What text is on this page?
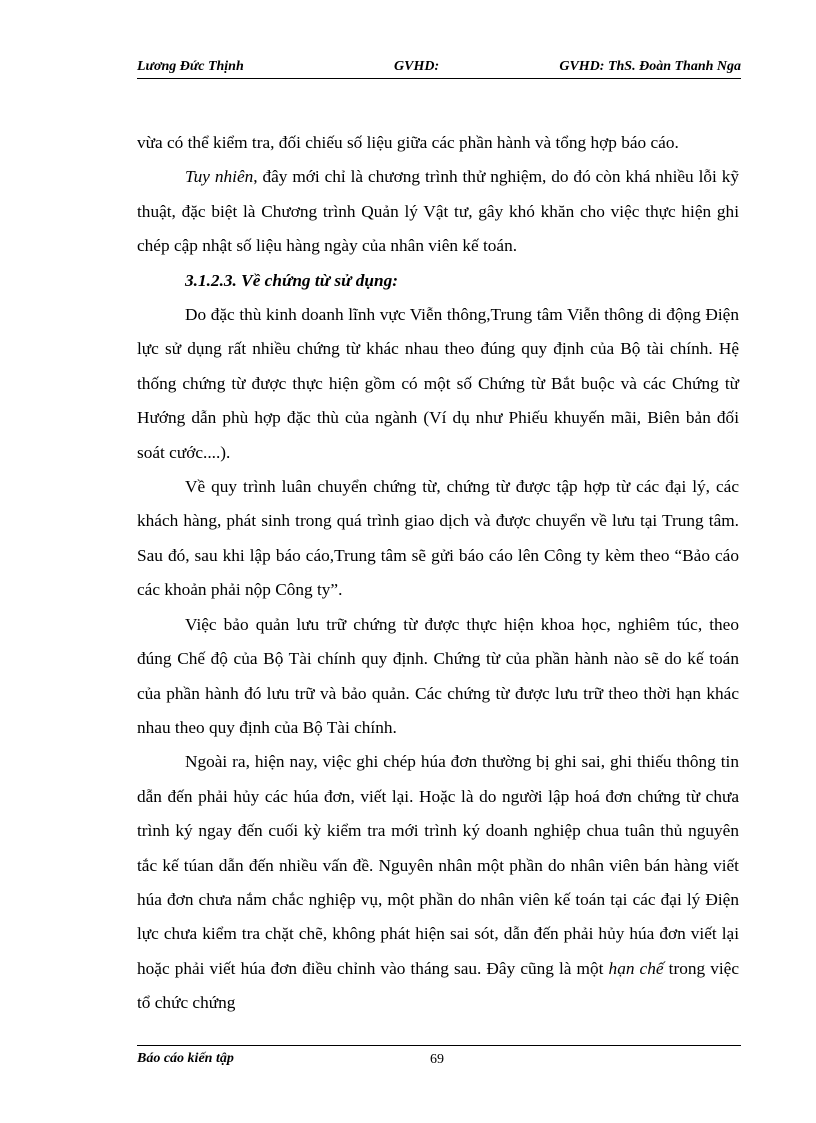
Lương Đức Thịnh	GVHD:	GVHD: ThS. Đoàn Thanh Nga

vừa có thể kiểm tra, đối chiếu số liệu giữa các phần hành và tổng hợp báo cáo.

Tuy nhiên, đây mới chỉ là chương trình thử nghiệm, do đó còn khá nhiều lỗi kỹ thuật, đặc biệt là Chương trình Quản lý Vật tư, gây khó khăn cho việc thực hiện ghi chép cập nhật số liệu hàng ngày của nhân viên kế toán.

3.1.2.3. Về chứng từ sử dụng:

Do đặc thù kinh doanh lĩnh vực Viễn thông,Trung tâm Viễn thông di động Điện lực sử dụng rất nhiều chứng từ khác nhau theo đúng quy định của Bộ tài chính. Hệ thống chứng từ được thực hiện gồm có một số Chứng từ Bắt buộc và các Chứng từ Hướng dẫn phù hợp đặc thù của ngành (Ví dụ như Phiếu khuyến mãi, Biên bản đối soát cước....).

Về quy trình luân chuyển chứng từ, chứng từ được tập hợp từ các đại lý, các khách hàng, phát sinh trong quá trình giao dịch và được chuyển về lưu tại Trung tâm. Sau đó, sau khi lập báo cáo,Trung tâm sẽ gửi báo cáo lên Công ty kèm theo “Bảo cáo các khoản phải nộp Công ty”.

Việc bảo quản lưu trữ chứng từ được thực hiện khoa học, nghiêm túc, theo đúng Chế độ của Bộ Tài chính quy định. Chứng từ của phần hành nào sẽ do kế toán của phần hành đó lưu trữ và bảo quản. Các chứng từ được lưu trữ theo thời hạn khác nhau theo quy định của Bộ Tài chính.

Ngoài ra, hiện nay, việc ghi chép húa đơn thường bị ghi sai, ghi thiếu thông tin dẫn đến phải hủy các húa đơn, viết lại. Hoặc là do người lập hoá đơn chứng từ chưa trình ký ngay đến cuối kỳ kiểm tra mới trình ký doanh nghiệp chua tuân thủ nguyên tắc kế túan dẫn đến nhiều vấn đề. Nguyên nhân một phần do nhân viên bán hàng viết húa đơn chưa nắm chắc nghiệp vụ, một phần do nhân viên kế toán tại các đại lý Điện lực chưa kiểm tra chặt chẽ, không phát hiện sai sót, dẫn đến phải hủy húa đơn viết lại hoặc phải viết húa đơn điều chỉnh vào tháng sau. Đây cũng là một hạn chế trong việc tổ chức chứng

Báo cáo kiến tập	69
